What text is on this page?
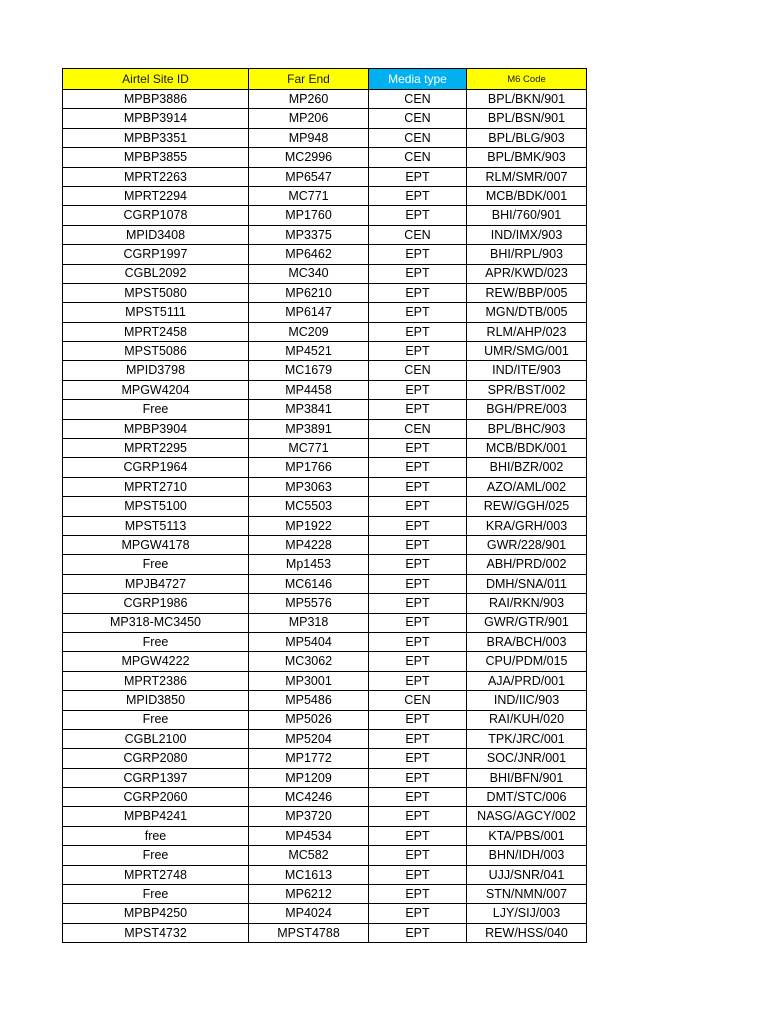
Airtel Site ID	Far End	Media type	M6 Code
MPBP3886	MP260	CEN	BPL/BKN/901
MPBP3914	MP206	CEN	BPL/BSN/901
MPBP3351	MP948	CEN	BPL/BLG/903
MPBP3855	MC2996	CEN	BPL/BMK/903
MPRT2263	MP6547	EPT	RLM/SMR/007
MPRT2294	MC771	EPT	MCB/BDK/001
CGRP1078	MP1760	EPT	BHI/760/901
MPID3408	MP3375	CEN	IND/IMX/903
CGRP1997	MP6462	EPT	BHI/RPL/903
CGBL2092	MC340	EPT	APR/KWD/023
MPST5080	MP6210	EPT	REW/BBP/005
MPST5111	MP6147	EPT	MGN/DTB/005
MPRT2458	MC209	EPT	RLM/AHP/023
MPST5086	MP4521	EPT	UMR/SMG/001
MPID3798	MC1679	CEN	IND/ITE/903
MPGW4204	MP4458	EPT	SPR/BST/002
Free	MP3841	EPT	BGH/PRE/003
MPBP3904	MP3891	CEN	BPL/BHC/903
MPRT2295	MC771	EPT	MCB/BDK/001
CGRP1964	MP1766	EPT	BHI/BZR/002
MPRT2710	MP3063	EPT	AZO/AML/002
MPST5100	MC5503	EPT	REW/GGH/025
MPST5113	MP1922	EPT	KRA/GRH/003
MPGW4178	MP4228	EPT	GWR/228/901
Free	Mp1453	EPT	ABH/PRD/002
MPJB4727	MC6146	EPT	DMH/SNA/011
CGRP1986	MP5576	EPT	RAI/RKN/903
MP318-MC3450	MP318	EPT	GWR/GTR/901
Free	MP5404	EPT	BRA/BCH/003
MPGW4222	MC3062	EPT	CPU/PDM/015
MPRT2386	MP3001	EPT	AJA/PRD/001
MPID3850	MP5486	CEN	IND/IIC/903
Free	MP5026	EPT	RAI/KUH/020
CGBL2100	MP5204	EPT	TPK/JRC/001
CGRP2080	MP1772	EPT	SOC/JNR/001
CGRP1397	MP1209	EPT	BHI/BFN/901
CGRP2060	MC4246	EPT	DMT/STC/006
MPBP4241	MP3720	EPT	NASG/AGCY/002
free	MP4534	EPT	KTA/PBS/001
Free	MC582	EPT	BHN/IDH/003
MPRT2748	MC1613	EPT	UJJ/SNR/041
Free	MP6212	EPT	STN/NMN/007
MPBP4250	MP4024	EPT	LJY/SIJ/003
MPST4732	MPST4788	EPT	REW/HSS/040
